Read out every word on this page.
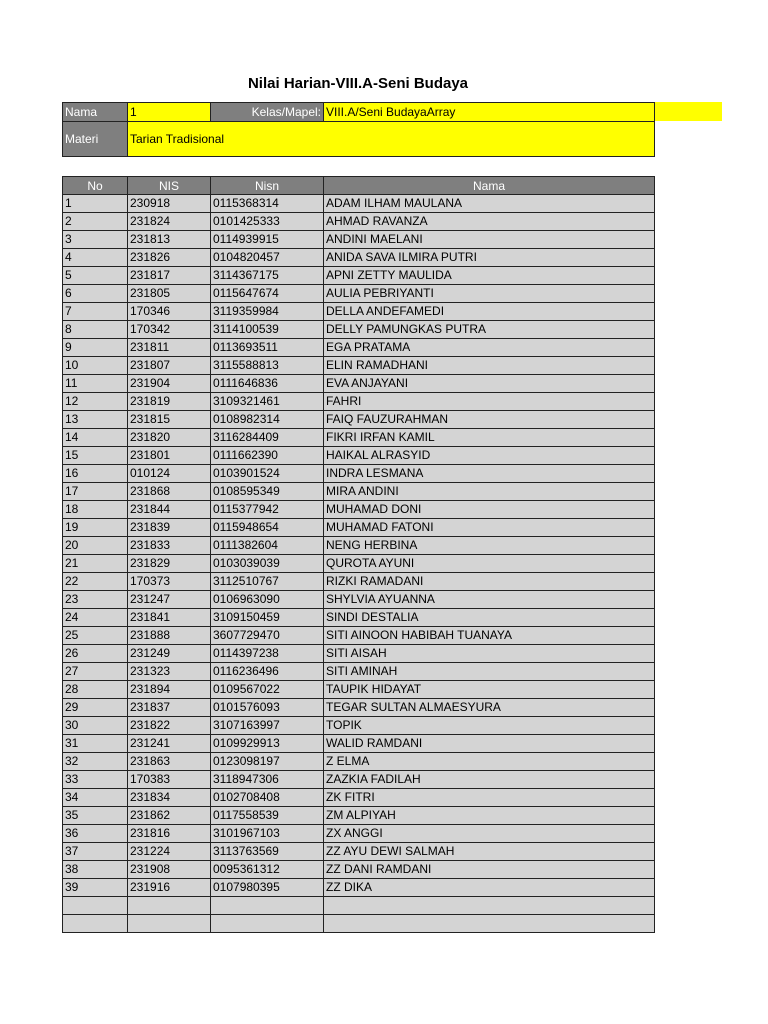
Nilai Harian-VIII.A-Seni Budaya
Nama	1	Kelas/Mapel:	VIII.A/Seni BudayaArray
Materi	Tarian Tradisional		
No	NIS	Nisn	Nama
1	230918	0115368314	ADAM ILHAM MAULANA
2	231824	0101425333	AHMAD RAVANZA
3	231813	0114939915	ANDINI MAELANI
4	231826	0104820457	ANIDA SAVA ILMIRA PUTRI
5	231817	3114367175	APNI ZETTY MAULIDA
6	231805	0115647674	AULIA PEBRIYANTI
7	170346	3119359984	DELLA ANDEFAMEDI
8	170342	3114100539	DELLY PAMUNGKAS PUTRA
9	231811	0113693511	EGA PRATAMA
10	231807	3115588813	ELIN RAMADHANI
11	231904	0111646836	EVA ANJAYANI
12	231819	3109321461	FAHRI
13	231815	0108982314	FAIQ FAUZURAHMAN
14	231820	3116284409	FIKRI IRFAN KAMIL
15	231801	0111662390	HAIKAL ALRASYID
16	010124	0103901524	INDRA LESMANA
17	231868	0108595349	MIRA ANDINI
18	231844	0115377942	MUHAMAD DONI
19	231839	0115948654	MUHAMAD FATONI
20	231833	0111382604	NENG HERBINA
21	231829	0103039039	QUROTA AYUNI
22	170373	3112510767	RIZKI RAMADANI
23	231247	0106963090	SHYLVIA AYUANNA
24	231841	3109150459	SINDI DESTALIA
25	231888	3607729470	SITI AINOON HABIBAH TUANAYA
26	231249	0114397238	SITI AISAH
27	231323	0116236496	SITI AMINAH
28	231894	0109567022	TAUPIK HIDAYAT
29	231837	0101576093	TEGAR SULTAN ALMAESYURA
30	231822	3107163997	TOPIK
31	231241	0109929913	WALID RAMDANI
32	231863	0123098197	Z ELMA
33	170383	3118947306	ZAZKIA FADILAH
34	231834	0102708408	ZK FITRI
35	231862	0117558539	ZM ALPIYAH
36	231816	3101967103	ZX ANGGI
37	231224	3113763569	ZZ AYU DEWI SALMAH
38	231908	0095361312	ZZ DANI RAMDANI
39	231916	0107980395	ZZ DIKA
